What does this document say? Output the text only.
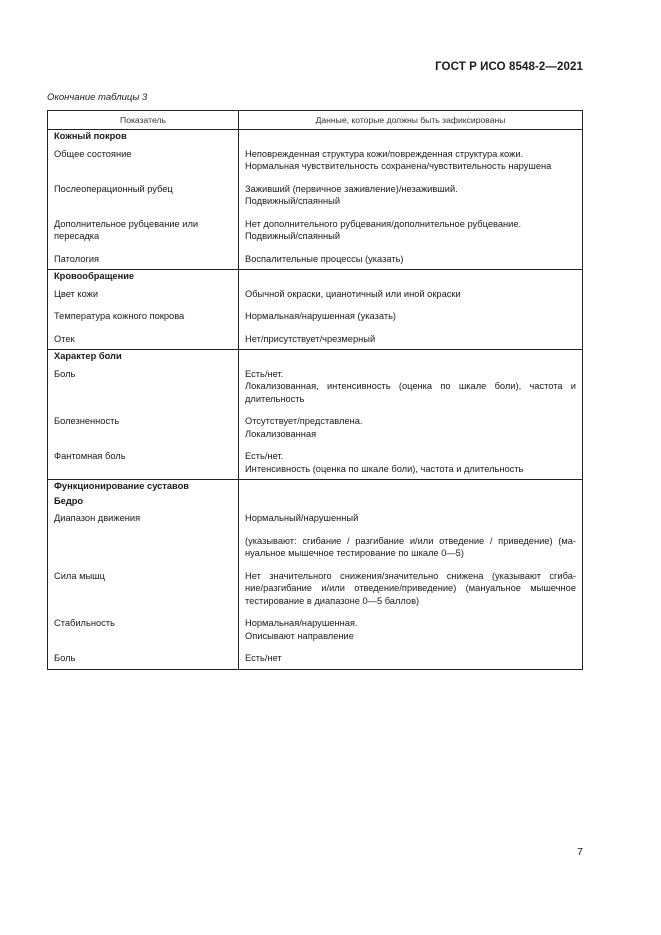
ГОСТ Р ИСО 8548-2—2021
Окончание таблицы 3
Показатель	Данные, которые должны быть зафиксированы
Кожный покров	

Общее состояние	Неповрежденная структура кожи/поврежденная структура кожи.
Нормальная чувствительность сохранена/чувствительность нарушена

Послеоперационный рубец	Заживший (первичное заживление)/незаживший.
Подвижный/спаянный

Дополнительное рубцевание или
пересадка	Нет дополнительного рубцевания/дополнительное рубцевание.
Подвижный/спаянный

Патология	Воспалительные процессы (указать)

Кровообращение	

Цвет кожи	Обычной окраски, цианотичный или иной окраски

Температура кожного покрова	Нормальная/нарушенная (указать)

Отек	Нет/присутствует/чрезмерный

Характер боли	

Боль	Есть/нет.
Локализованная, интенсивность (оценка по шкале боли), частота и
длительность

Болезненность	Отсутствует/представлена.
Локализованная

Фантомная боль	Есть/нет.
Интенсивность (оценка по шкале боли), частота и длительность

Функционирование суставов	
Бедро	

Диапазон движения	Нормальный/нарушенный

	(указывают: сгибание / разгибание и/или отведение / приведение) (ма-
нуальное мышечное тестирование по шкале 0—5)

Сила мышц	Нет значительного снижения/значительно снижена (указывают сгиба-
ние/разгибание и/или отведение/приведение) (мануальное мышечное
тестирование в диапазоне 0—5 баллов)

Стабильность	Нормальная/нарушенная.
Описывают направление

Боль	Есть/нет
7
